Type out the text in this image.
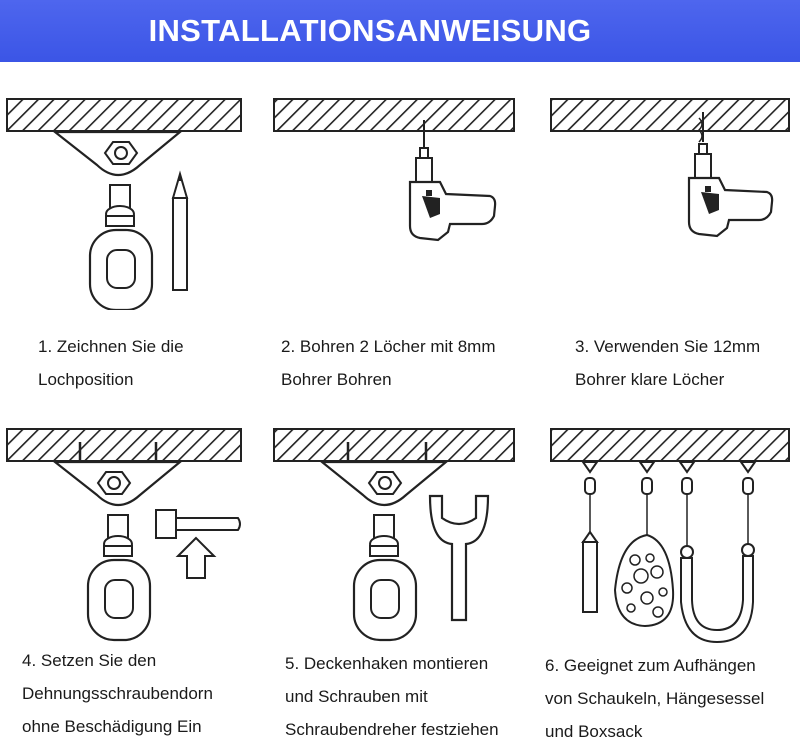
INSTALLATIONSANWEISUNG
1. Zeichnen Sie die
Lochposition
2. Bohren 2 Löcher mit 8mm
Bohrer Bohren
3. Verwenden Sie 12mm
Bohrer klare Löcher
4. Setzen Sie den
Dehnungsschraubendorn
ohne Beschädigung Ein
5. Deckenhaken montieren
und Schrauben mit
Schraubendreher festziehen
6. Geeignet zum Aufhängen
von Schaukeln, Hängesessel
und Boxsack
